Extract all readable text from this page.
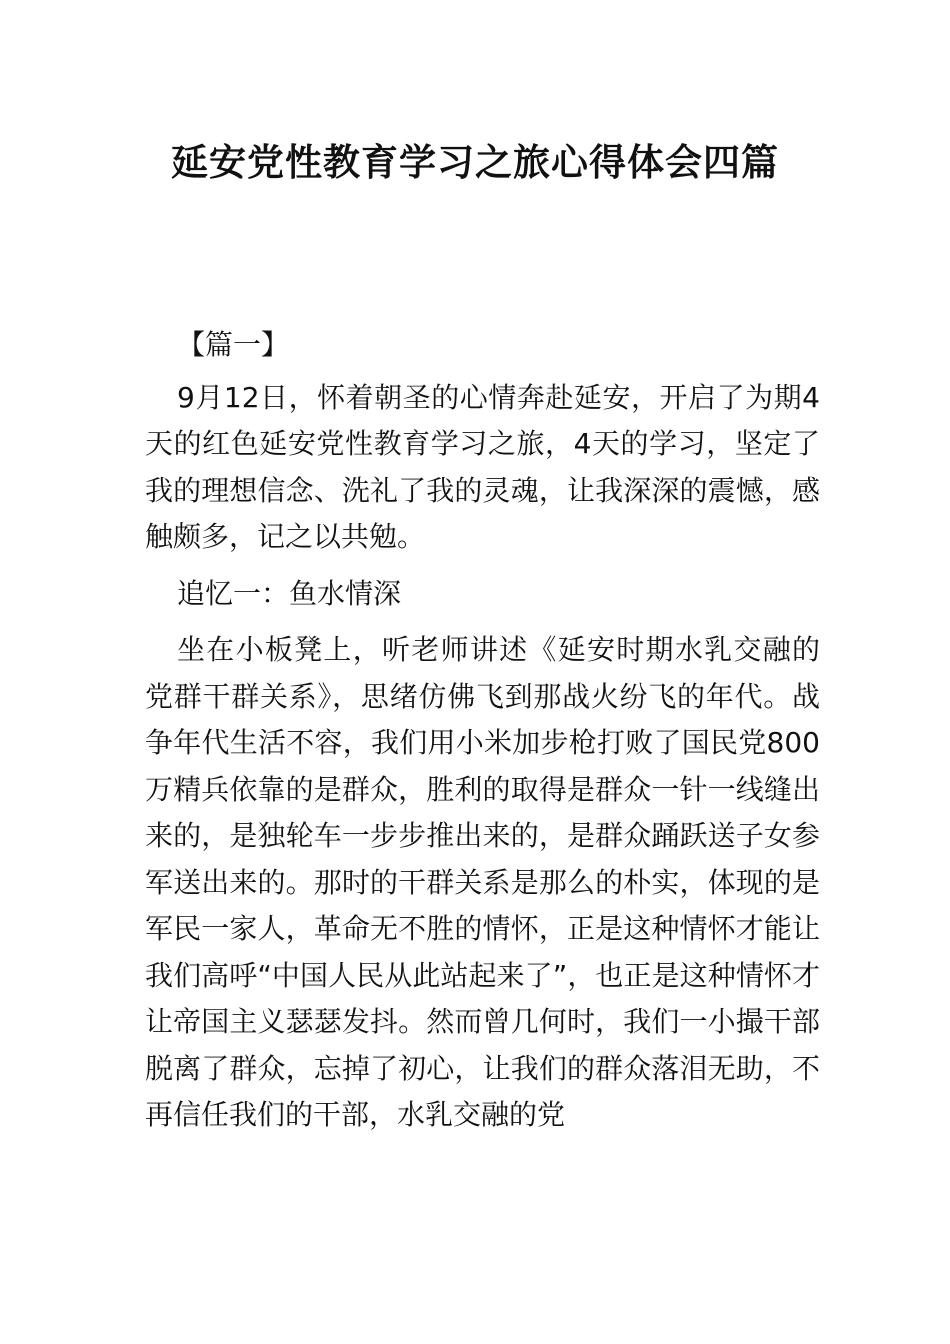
延安党性教育学习之旅心得体会四篇

【篇一】

9月12日，怀着朝圣的心情奔赴延安，开启了为期4天的红色延安党性教育学习之旅，4天的学习，坚定了我的理想信念、洗礼了我的灵魂，让我深深的震憾，感触颇多，记之以共勉。

追忆一：鱼水情深

坐在小板凳上，听老师讲述《延安时期水乳交融的党群干群关系》，思绪仿佛飞到那战火纷飞的年代。战争年代生活不容，我们用小米加步枪打败了国民党800万精兵依靠的是群众，胜利的取得是群众一针一线缝出来的，是独轮车一步步推出来的，是群众踊跃送子女参军送出来的。那时的干群关系是那么的朴实，体现的是军民一家人，革命无不胜的情怀，正是这种情怀才能让我们高呼“中国人民从此站起来了”，也正是这种情怀才让帝国主义瑟瑟发抖。然而曾几何时，我们一小撮干部脱离了群众，忘掉了初心，让我们的群众落泪无助，不再信任我们的干部，水乳交融的党
